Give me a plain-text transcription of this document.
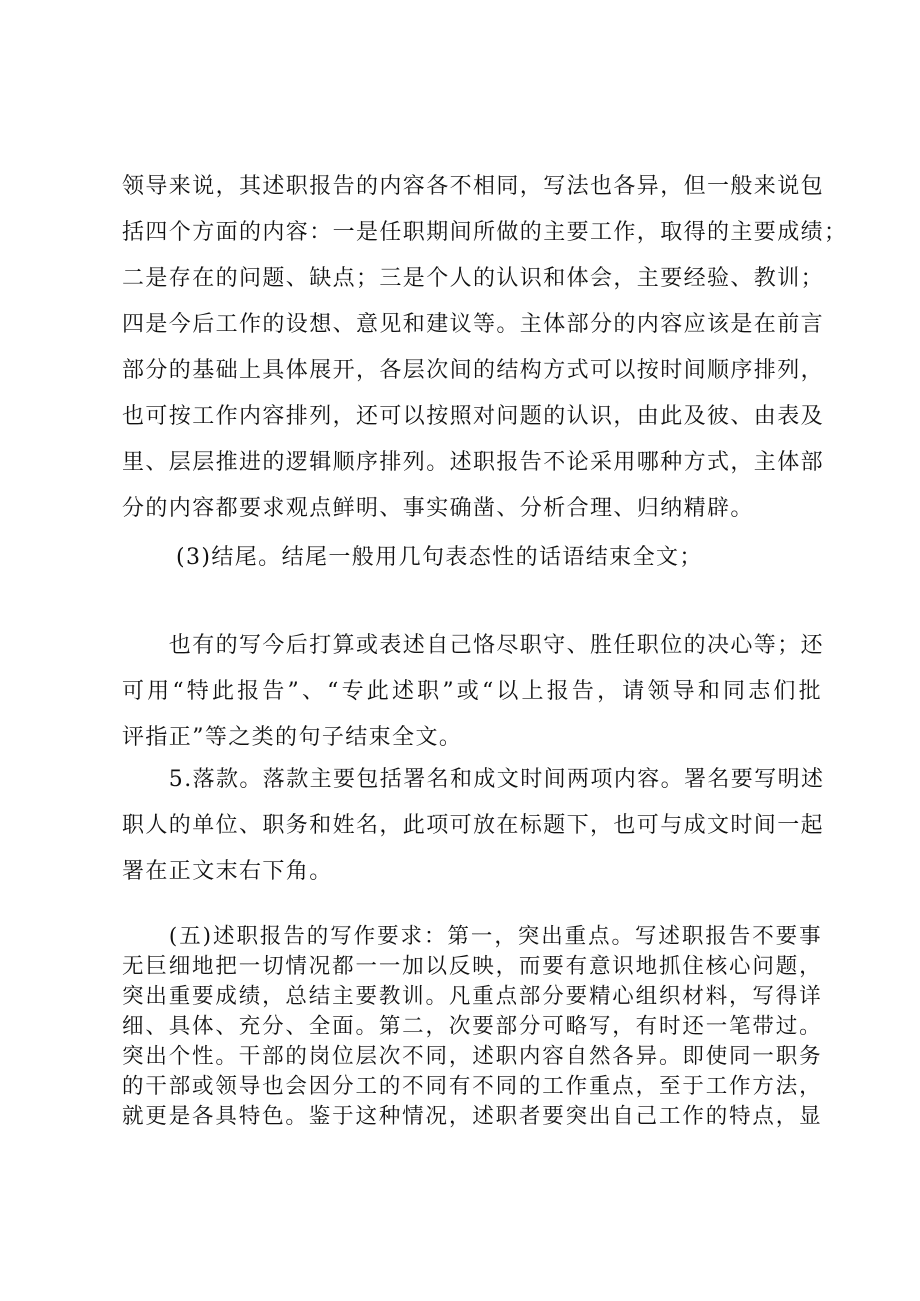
领导来说，其述职报告的内容各不相同，写法也各异，但一般来说包
括四个方面的内容：一是任职期间所做的主要工作，取得的主要成绩；
二是存在的问题、缺点；三是个人的认识和体会，主要经验、教训；
四是今后工作的设想、意见和建议等。主体部分的内容应该是在前言
部分的基础上具体展开，各层次间的结构方式可以按时间顺序排列，
也可按工作内容排列，还可以按照对问题的认识，由此及彼、由表及
里、层层推进的逻辑顺序排列。述职报告不论采用哪种方式，主体部
分的内容都要求观点鲜明、事实确凿、分析合理、归纳精辟。
(3)结尾。结尾一般用几句表态性的话语结束全文；
　　也有的写今后打算或表述自己恪尽职守、胜任职位的决心等；还
可用“特此报告”、“专此述职”或“以上报告，请领导和同志们批
评指正”等之类的句子结束全文。
　　5.落款。落款主要包括署名和成文时间两项内容。署名要写明述
职人的单位、职务和姓名，此项可放在标题下，也可与成文时间一起
署在正文末右下角。
　　(五)述职报告的写作要求：第一，突出重点。写述职报告不要事
无巨细地把一切情况都一一加以反映，而要有意识地抓住核心问题，
突出重要成绩，总结主要教训。凡重点部分要精心组织材料，写得详
细、具体、充分、全面。第二，次要部分可略写，有时还一笔带过。
突出个性。干部的岗位层次不同，述职内容自然各异。即使同一职务
的干部或领导也会因分工的不同有不同的工作重点，至于工作方法，
就更是各具特色。鉴于这种情况，述职者要突出自己工作的特点，显
